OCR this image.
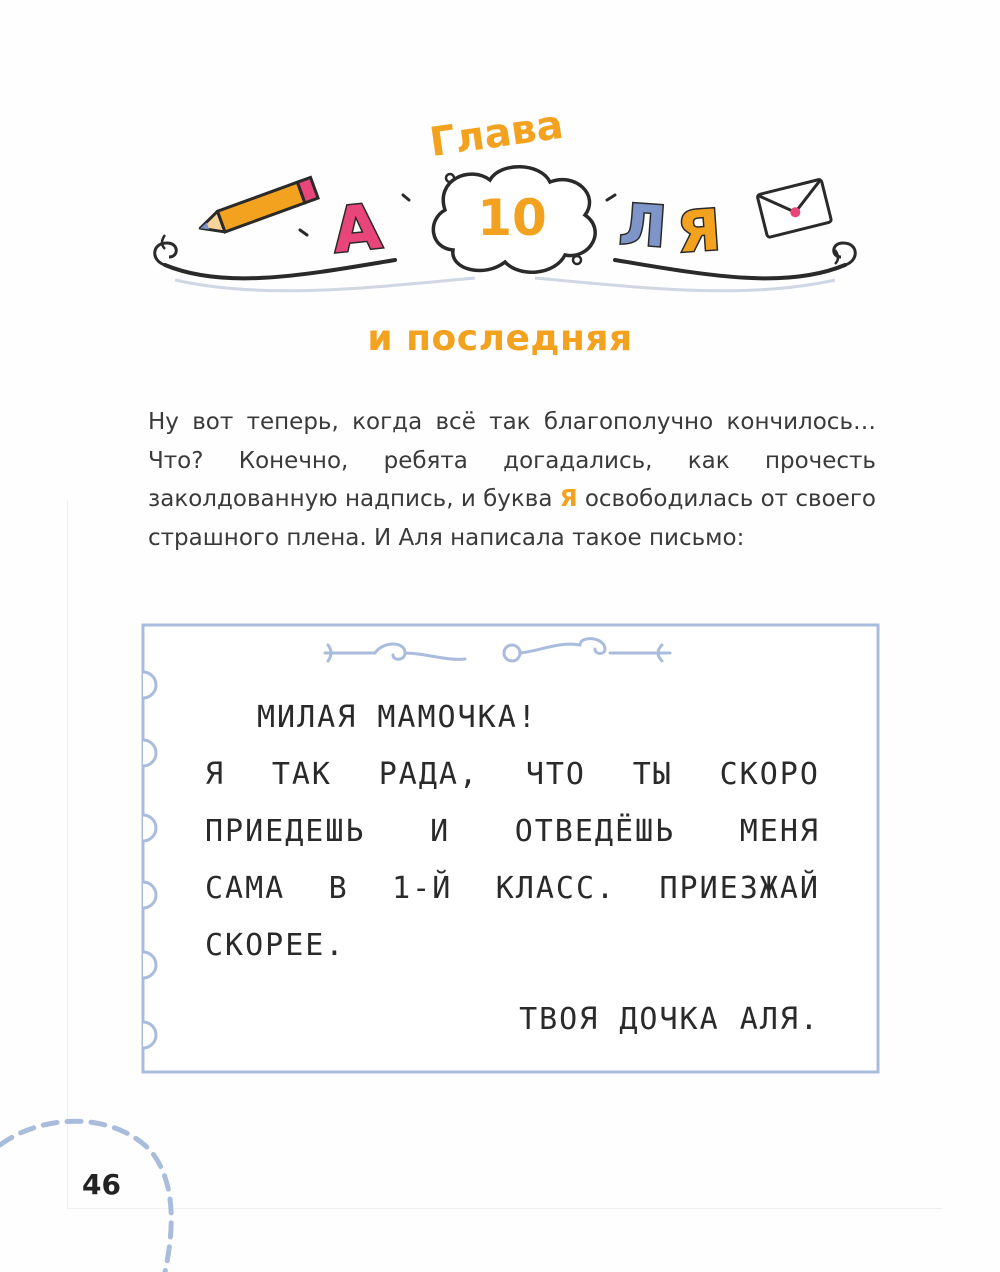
А
Глава
10 Л Я
и последняя

Ну вот теперь, когда всё так благополучно кончилось… Что? Конечно, ребята догадались, как прочесть заколдованную надпись, и буква Я освободилась от своего страшного плена. И Аля написала такое письмо:

МИЛАЯ МАМОЧКА!
Я ТАК РАДА, ЧТО ТЫ СКОРО
ПРИЕДЕШЬ И ОТВЕДЁШЬ МЕНЯ
САМА В 1-Й КЛАСС. ПРИЕЗЖАЙ
СКОРЕЕ.
ТВОЯ ДОЧКА АЛЯ.
46
